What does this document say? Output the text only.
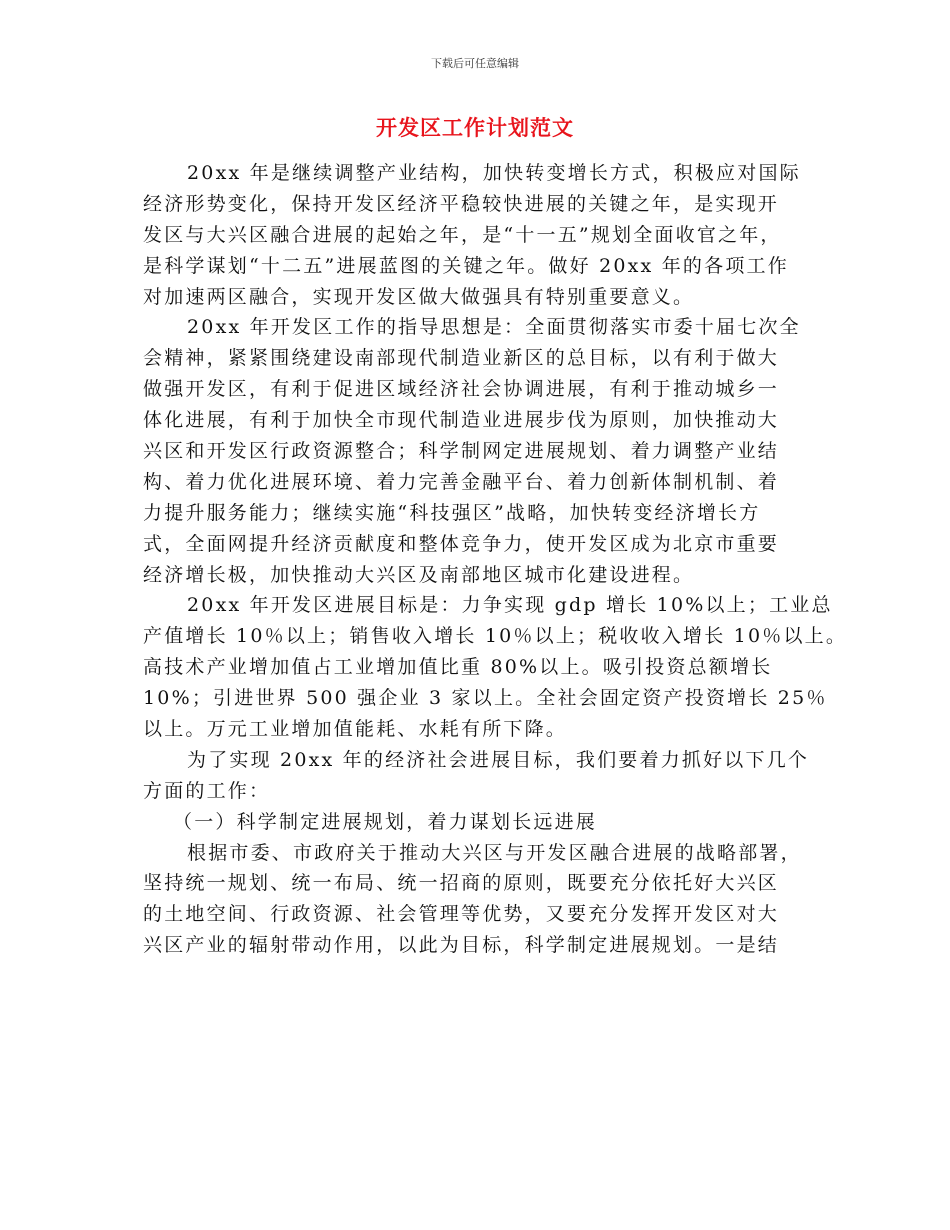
下载后可任意编辑
开发区工作计划范文
20xx 年是继续调整产业结构，加快转变增长方式，积极应对国际
经济形势变化，保持开发区经济平稳较快进展的关键之年，是实现开
发区与大兴区融合进展的起始之年，是“十一五”规划全面收官之年，
是科学谋划“十二五”进展蓝图的关键之年。做好 20xx 年的各项工作
对加速两区融合，实现开发区做大做强具有特别重要意义。
20xx 年开发区工作的指导思想是：全面贯彻落实市委十届七次全
会精神，紧紧围绕建设南部现代制造业新区的总目标，以有利于做大
做强开发区，有利于促进区域经济社会协调进展，有利于推动城乡一
体化进展，有利于加快全市现代制造业进展步伐为原则，加快推动大
兴区和开发区行政资源整合；科学制网定进展规划、着力调整产业结
构、着力优化进展环境、着力完善金融平台、着力创新体制机制、着
力提升服务能力；继续实施“科技强区”战略，加快转变经济增长方
式，全面网提升经济贡献度和整体竞争力，使开发区成为北京市重要
经济增长极，加快推动大兴区及南部地区城市化建设进程。
20xx 年开发区进展目标是：力争实现 gdp 增长 10%以上；工业总
产值增长 10％以上；销售收入增长 10％以上；税收收入增长 10％以上。
高技术产业增加值占工业增加值比重 80%以上。吸引投资总额增长
10%；引进世界 500 强企业 3 家以上。全社会固定资产投资增长 25％
以上。万元工业增加值能耗、水耗有所下降。
为了实现 20xx 年的经济社会进展目标，我们要着力抓好以下几个
方面的工作：
（一）科学制定进展规划，着力谋划长远进展
根据市委、市政府关于推动大兴区与开发区融合进展的战略部署，
坚持统一规划、统一布局、统一招商的原则，既要充分依托好大兴区
的土地空间、行政资源、社会管理等优势，又要充分发挥开发区对大
兴区产业的辐射带动作用，以此为目标，科学制定进展规划。一是结
